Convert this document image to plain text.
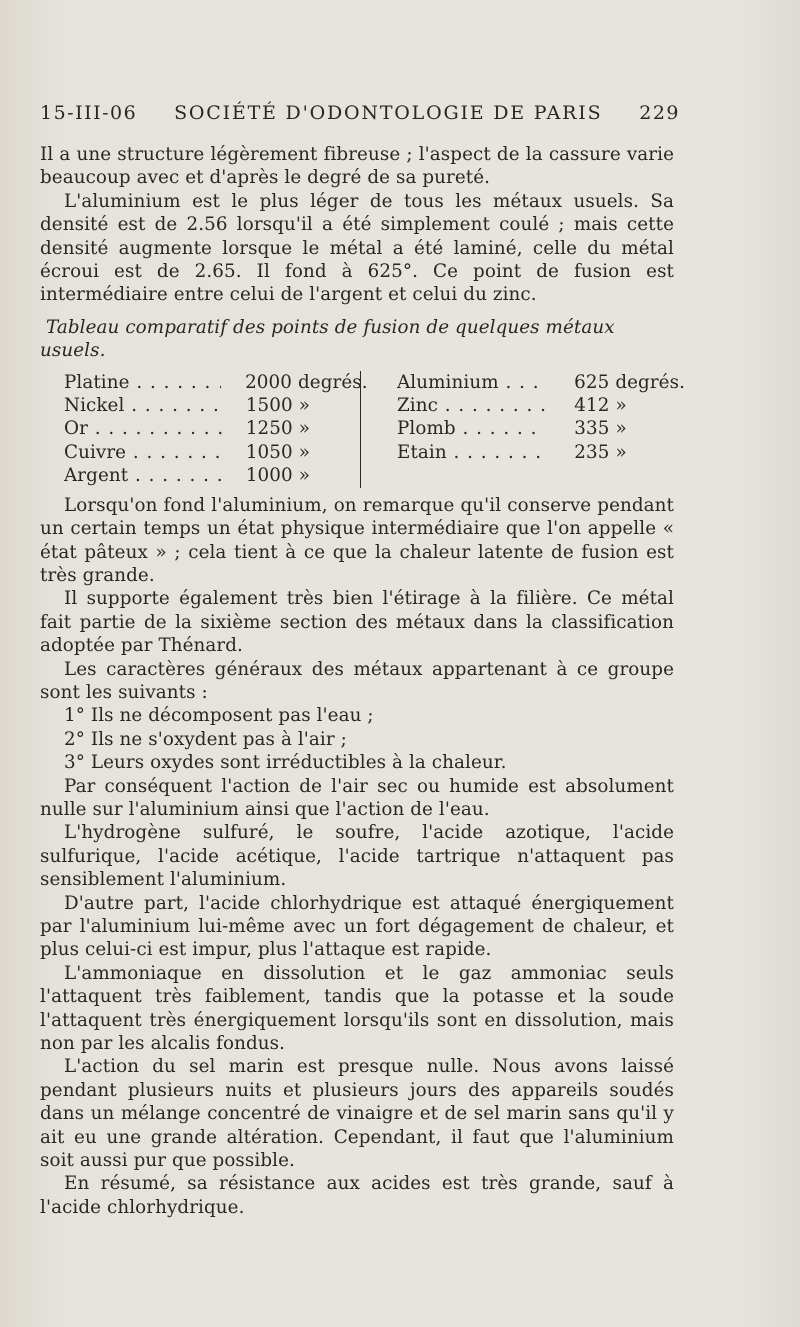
15-III-06 SOCIÉTÉ D'ODONTOLOGIE DE PARIS 229

Il a une structure légèrement fibreuse ; l'aspect de la cassure varie beaucoup avec et d'après le degré de sa pureté.

L'aluminium est le plus léger de tous les métaux usuels. Sa densité est de 2.56 lorsqu'il a été simplement coulé ; mais cette densité augmente lorsque le métal a été laminé, celle du métal écroui est de 2.65. Il fond à 625°. Ce point de fusion est intermédiaire entre celui de l'argent et celui du zinc.

Tableau comparatif des points de fusion de quelques métaux usuels.

Platine . . .	2000 degrés.
Nickel . . .	1500 »
Or . . .	1250 »
Cuivre . . .	1050 »
Argent . . .	1000 »
Aluminium . . .	625 degrés.
Zinc . . .	412 »
Plomb . . .	335 »
Etain . . .	235 »

Lorsqu'on fond l'aluminium, on remarque qu'il conserve pendant un certain temps un état physique intermédiaire que l'on appelle « état pâteux » ; cela tient à ce que la chaleur latente de fusion est très grande.

Il supporte également très bien l'étirage à la filière. Ce métal fait partie de la sixième section des métaux dans la classification adoptée par Thénard.

Les caractères généraux des métaux appartenant à ce groupe sont les suivants :

1° Ils ne décomposent pas l'eau ;

2° Ils ne s'oxydent pas à l'air ;

3° Leurs oxydes sont irréductibles à la chaleur.

Par conséquent l'action de l'air sec ou humide est absolument nulle sur l'aluminium ainsi que l'action de l'eau.

L'hydrogène sulfuré, le soufre, l'acide azotique, l'acide sulfurique, l'acide acétique, l'acide tartrique n'attaquent pas sensiblement l'aluminium.

D'autre part, l'acide chlorhydrique est attaqué énergiquement par l'aluminium lui-même avec un fort dégagement de chaleur, et plus celui-ci est impur, plus l'attaque est rapide.

L'ammoniaque en dissolution et le gaz ammoniac seuls l'attaquent très faiblement, tandis que la potasse et la soude l'attaquent très énergiquement lorsqu'ils sont en dissolution, mais non par les alcalis fondus.

L'action du sel marin est presque nulle. Nous avons laissé pendant plusieurs nuits et plusieurs jours des appareils soudés dans un mélange concentré de vinaigre et de sel marin sans qu'il y ait eu une grande altération. Cependant, il faut que l'aluminium soit aussi pur que possible.

En résumé, sa résistance aux acides est très grande, sauf à l'acide chlorhydrique.
